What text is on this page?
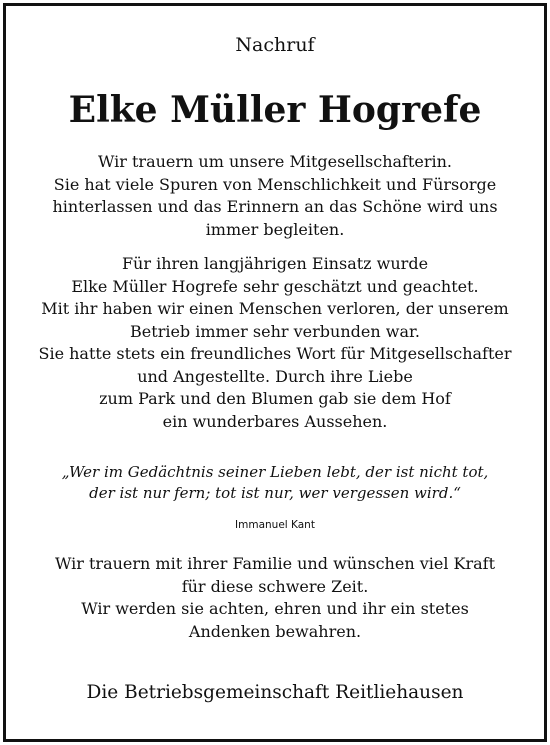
Nachruf
Elke Müller Hogrefe
Wir trauern um unsere Mitgesellschafterin.
Sie hat viele Spuren von Menschlichkeit und Fürsorge
hinterlassen und das Erinnern an das Schöne wird uns
immer begleiten.
Für ihren langjährigen Einsatz wurde
Elke Müller Hogrefe sehr geschätzt und geachtet.
Mit ihr haben wir einen Menschen verloren, der unserem
Betrieb immer sehr verbunden war.
Sie hatte stets ein freundliches Wort für Mitgesellschafter
und Angestellte. Durch ihre Liebe
zum Park und den Blumen gab sie dem Hof
ein wunderbares Aussehen.
„Wer im Gedächtnis seiner Lieben lebt, der ist nicht tot,
der ist nur fern; tot ist nur, wer vergessen wird.“
Immanuel Kant
Wir trauern mit ihrer Familie und wünschen viel Kraft
für diese schwere Zeit.
Wir werden sie achten, ehren und ihr ein stetes
Andenken bewahren.
Die Betriebsgemeinschaft Reitliehausen
